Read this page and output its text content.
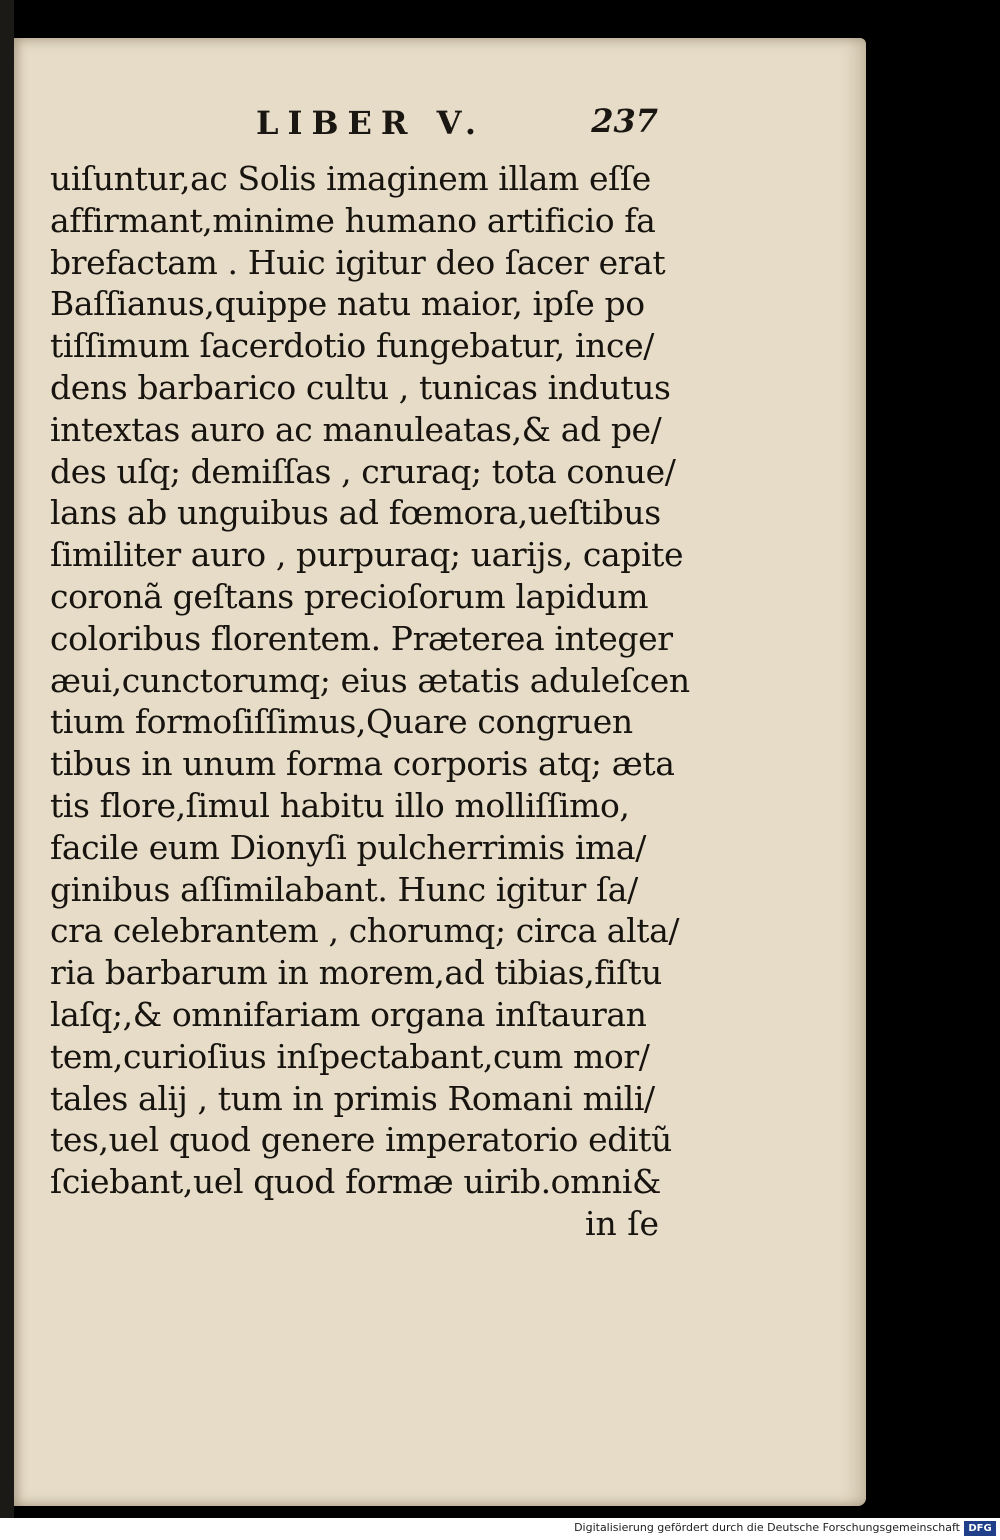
LIBER V.	237
uiſuntur,ac Solis imaginem illam eſſe
affirmant,minime humano artificio fa
brefactam . Huic igitur deo ſacer erat
Baſſianus,quippe natu maior, ipſe po
tiſſimum ſacerdotio fungebatur, ince/
dens barbarico cultu , tunicas indutus
intextas auro ac manuleatas,& ad pe/
des uſq; demiſſas , cruraq; tota conue/
lans ab unguibus ad fœmora,ueſtibus
ſimiliter auro , purpuraq; uarijs, capite
coronã geſtans precioſorum lapidum
coloribus florentem. Præterea integer
æui,cunctorumq; eius ætatis aduleſcen
tium formoſiſſimus,Quare congruen
tibus in unum forma corporis atq; æta
tis flore,ſimul habitu illo molliſſimo,
facile eum Dionyſi pulcherrimis ima/
ginibus aſſimilabant. Hunc igitur ſa/
cra celebrantem , chorumq; circa alta/
ria barbarum in morem,ad tibias,fiſtu
laſq;,& omnifariam organa inſtauran
tem,curioſius inſpectabant,cum mor/
tales alij , tum in primis Romani mili/
tes,uel quod genere imperatorio editũ
ſciebant,uel quod formæ uirib.omni&
in ſe
Digitalisierung gefördert durch die Deutsche Forschungsgemeinschaft DFG
